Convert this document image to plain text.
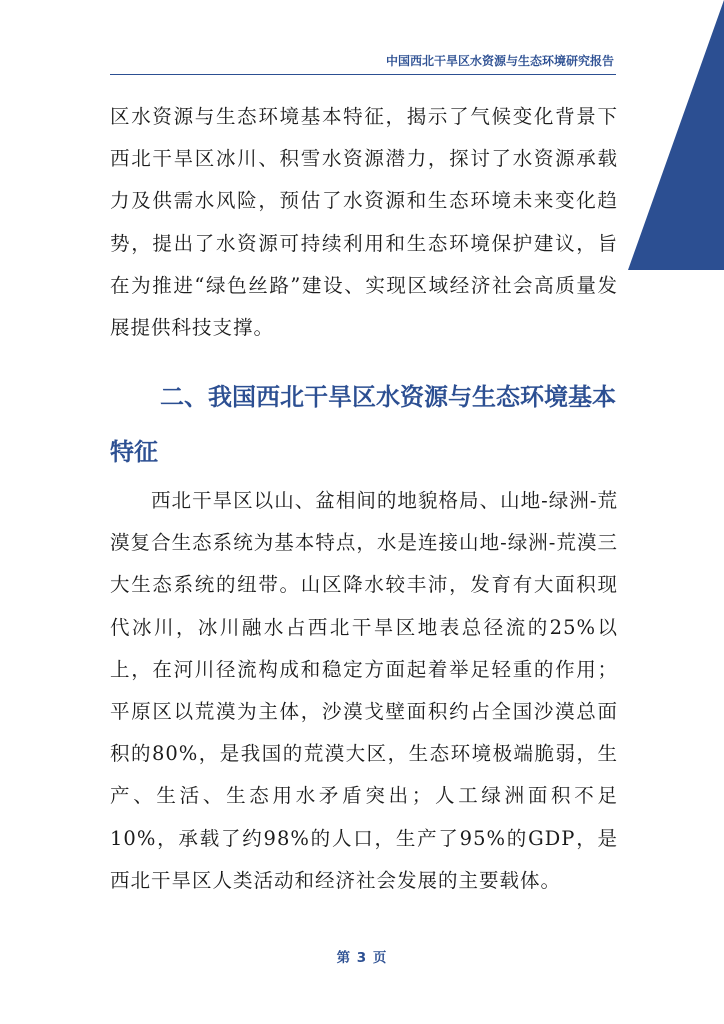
中国西北干旱区水资源与生态环境研究报告

区水资源与生态环境基本特征，揭示了气候变化背景下西北干旱区冰川、积雪水资源潜力，探讨了水资源承载力及供需水风险，预估了水资源和生态环境未来变化趋势，提出了水资源可持续利用和生态环境保护建议，旨在为推进“绿色丝路”建设、实现区域经济社会高质量发展提供科技支撑。

二、我国西北干旱区水资源与生态环境基本特征

西北干旱区以山、盆相间的地貌格局、山地-绿洲-荒漠复合生态系统为基本特点，水是连接山地-绿洲-荒漠三大生态系统的纽带。山区降水较丰沛，发育有大面积现代冰川，冰川融水占西北干旱区地表总径流的25%以上，在河川径流构成和稳定方面起着举足轻重的作用；平原区以荒漠为主体，沙漠戈壁面积约占全国沙漠总面积的80%，是我国的荒漠大区，生态环境极端脆弱，生产、生活、生态用水矛盾突出；人工绿洲面积不足10%，承载了约98%的人口，生产了95%的GDP，是西北干旱区人类活动和经济社会发展的主要载体。

第 3 页
